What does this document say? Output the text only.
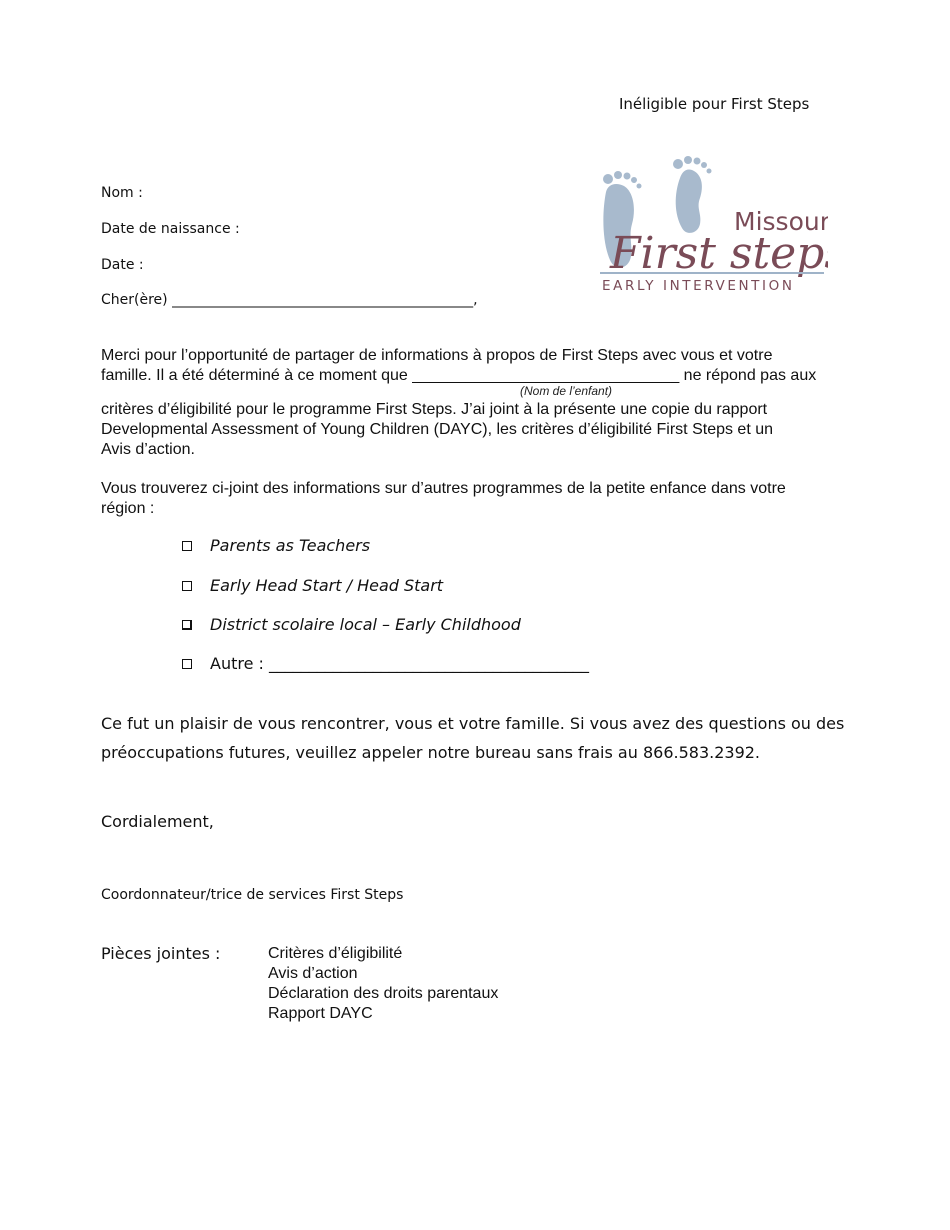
Inéligible pour First Steps
Missouri
First steps
EARLY INTERVENTION
Nom :
Date de naissance :
Date :
Cher(ère) ___________________________________________,
Merci pour l’opportunité de partager de informations à propos de First Steps avec vous et votre
famille. Il a été déterminé à ce moment que ______________________________ ne répond pas aux
(Nom de l’enfant)
critères d’éligibilité pour le programme First Steps. J’ai joint à la présente une copie du rapport
Developmental Assessment of Young Children (DAYC), les critères d’éligibilité First Steps et un
Avis d’action.
Vous trouverez ci-joint des informations sur d’autres programmes de la petite enfance dans votre
région :
Parents as Teachers
Early Head Start / Head Start
District scolaire local – Early Childhood
Autre : ________________________________________
Ce fut un plaisir de vous rencontrer, vous et votre famille. Si vous avez des questions ou des
préoccupations futures, veuillez appeler notre bureau sans frais au 866.583.2392.
Cordialement,
Coordonnateur/trice de services First Steps
Pièces jointes :	Critères d’éligibilité
Avis d’action
Déclaration des droits parentaux
Rapport DAYC
